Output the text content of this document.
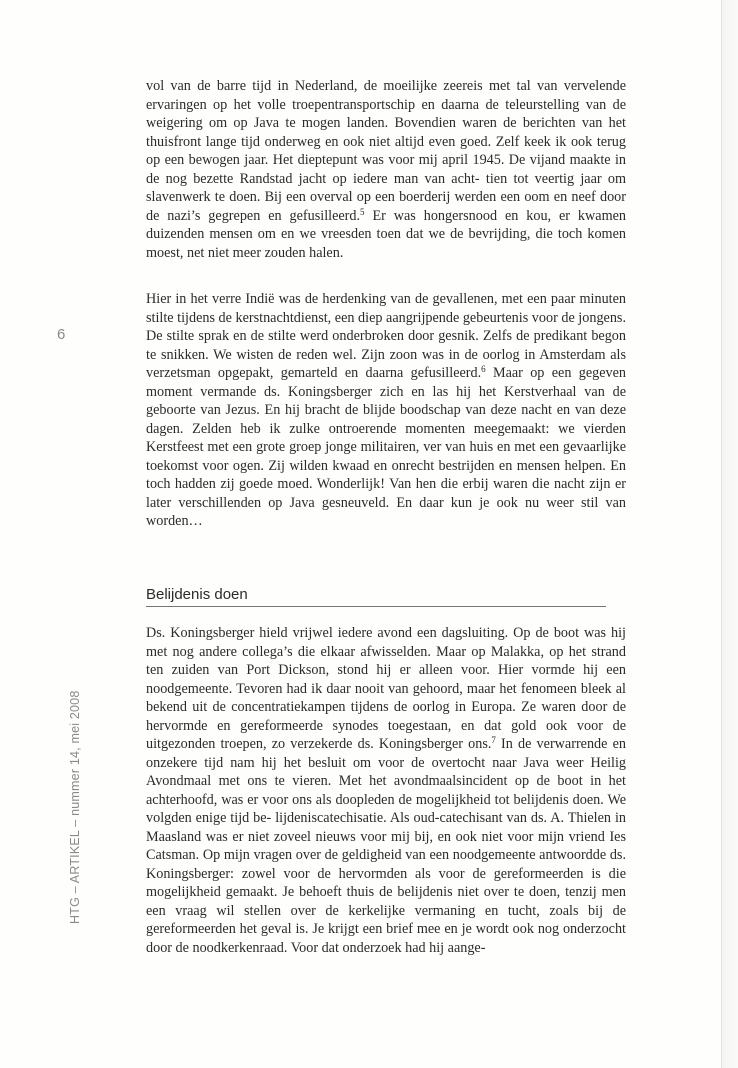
6
HTG – ARTIKEL – nummer 14, mei 2008

vol van de barre tijd in Nederland, de moeilijke zeereis met tal van vervelende ervaringen op het volle troepentransportschip en daarna de teleurstelling van de weigering om op Java te mogen landen. Bovendien waren de berichten van het thuisfront lange tijd onderweg en ook niet altijd even goed. Zelf keek ik ook terug op een bewogen jaar. Het dieptepunt was voor mij april 1945. De vijand maakte in de nog bezette Randstad jacht op iedere man van acht- tien tot veertig jaar om slavenwerk te doen. Bij een overval op een boerderij werden een oom en neef door de nazi’s gegrepen en gefusilleerd.$^5$ Er was hongersnood en kou, er kwamen duizenden mensen om en we vreesden toen dat we de bevrijding, die toch komen moest, net niet meer zouden halen.

Hier in het verre Indië was de herdenking van de gevallenen, met een paar minuten stilte tijdens de kerstnachtdienst, een diep aangrijpende gebeurtenis voor de jongens. De stilte sprak en de stilte werd onderbroken door gesnik. Zelfs de predikant begon te snikken. We wisten de reden wel. Zijn zoon was in de oorlog in Amsterdam als verzetsman opgepakt, gemarteld en daarna gefusilleerd.$^6$ Maar op een gegeven moment vermande ds. Koningsberger zich en las hij het Kerstverhaal van de geboorte van Jezus. En hij bracht de blijde boodschap van deze nacht en van deze dagen. Zelden heb ik zulke ontroerende momenten meegemaakt: we vierden Kerstfeest met een grote groep jonge militairen, ver van huis en met een gevaarlijke toekomst voor ogen. Zij wilden kwaad en onrecht bestrijden en mensen helpen. En toch hadden zij goede moed. Wonderlijk! Van hen die erbij waren die nacht zijn er later verschillenden op Java gesneuveld. En daar kun je ook nu weer stil van worden…

Belijdenis doen

Ds. Koningsberger hield vrijwel iedere avond een dagsluiting. Op de boot was hij met nog andere collega’s die elkaar afwisselden. Maar op Malakka, op het strand ten zuiden van Port Dickson, stond hij er alleen voor. Hier vormde hij een noodgemeente. Tevoren had ik daar nooit van gehoord, maar het fenomeen bleek al bekend uit de concentratiekampen tijdens de oorlog in Europa. Ze waren door de hervormde en gereformeerde synodes toegestaan, en dat gold ook voor de uitgezonden troepen, zo verzekerde ds. Koningsberger ons.$^7$ In de verwarrende en onzekere tijd nam hij het besluit om voor de overtocht naar Java weer Heilig Avondmaal met ons te vieren. Met het avondmaalsincident op de boot in het achterhoofd, was er voor ons als doopleden de mogelijkheid tot belijdenis doen. We volgden enige tijd be- lijdeniscatechisatie. Als oud-catechisant van ds. A. Thielen in Maasland was er niet zoveel nieuws voor mij bij, en ook niet voor mijn vriend Ies Catsman. Op mijn vragen over de geldigheid van een noodgemeente antwoordde ds. Koningsberger: zowel voor de hervormden als voor de gereformeerden is die mogelijkheid gemaakt. Je behoeft thuis de belijdenis niet over te doen, tenzij men een vraag wil stellen over de kerkelijke vermaning en tucht, zoals bij de gereformeerden het geval is. Je krijgt een brief mee en je wordt ook nog onderzocht door de noodkerkenraad. Voor dat onderzoek had hij aange-
